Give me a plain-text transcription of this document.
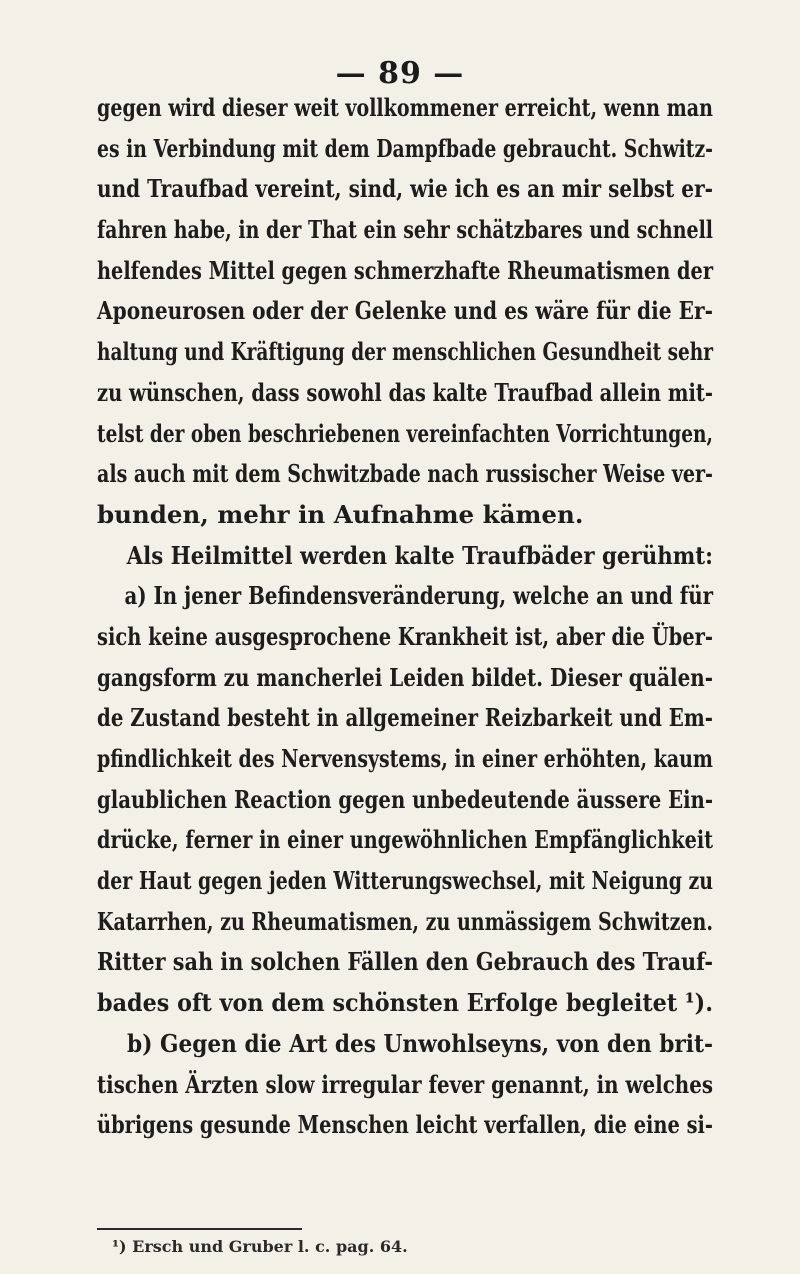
— 89 —
gegen wird dieser weit vollkommener erreicht, wenn man
es in Verbindung mit dem Dampfbade gebraucht. Schwitz-
und Traufbad vereint, sind, wie ich es an mir selbst er-
fahren habe, in der That ein sehr schätzbares und schnell
helfendes Mittel gegen schmerzhafte Rheumatismen der
Aponeurosen oder der Gelenke und es wäre für die Er-
haltung und Kräftigung der menschlichen Gesundheit sehr
zu wünschen, dass sowohl das kalte Traufbad allein mit-
telst der oben beschriebenen vereinfachten Vorrichtungen,
als auch mit dem Schwitzbade nach russischer Weise ver-
bunden, mehr in Aufnahme kämen.
Als Heilmittel werden kalte Traufbäder gerühmt:
a) In jener Befindensveränderung, welche an und für
sich keine ausgesprochene Krankheit ist, aber die Über-
gangsform zu mancherlei Leiden bildet. Dieser quälen-
de Zustand besteht in allgemeiner Reizbarkeit und Em-
pfindlichkeit des Nervensystems, in einer erhöhten, kaum
glaublichen Reaction gegen unbedeutende äussere Ein-
drücke, ferner in einer ungewöhnlichen Empfänglichkeit
der Haut gegen jeden Witterungswechsel, mit Neigung zu
Katarrhen, zu Rheumatismen, zu unmässigem Schwitzen.
Ritter sah in solchen Fällen den Gebrauch des Trauf-
bades oft von dem schönsten Erfolge begleitet ¹).
b) Gegen die Art des Unwohlseyns, von den brit-
tischen Ärzten slow irregular fever genannt, in welches
übrigens gesunde Menschen leicht verfallen, die eine si-
¹) Ersch und Gruber l. c. pag. 64.
